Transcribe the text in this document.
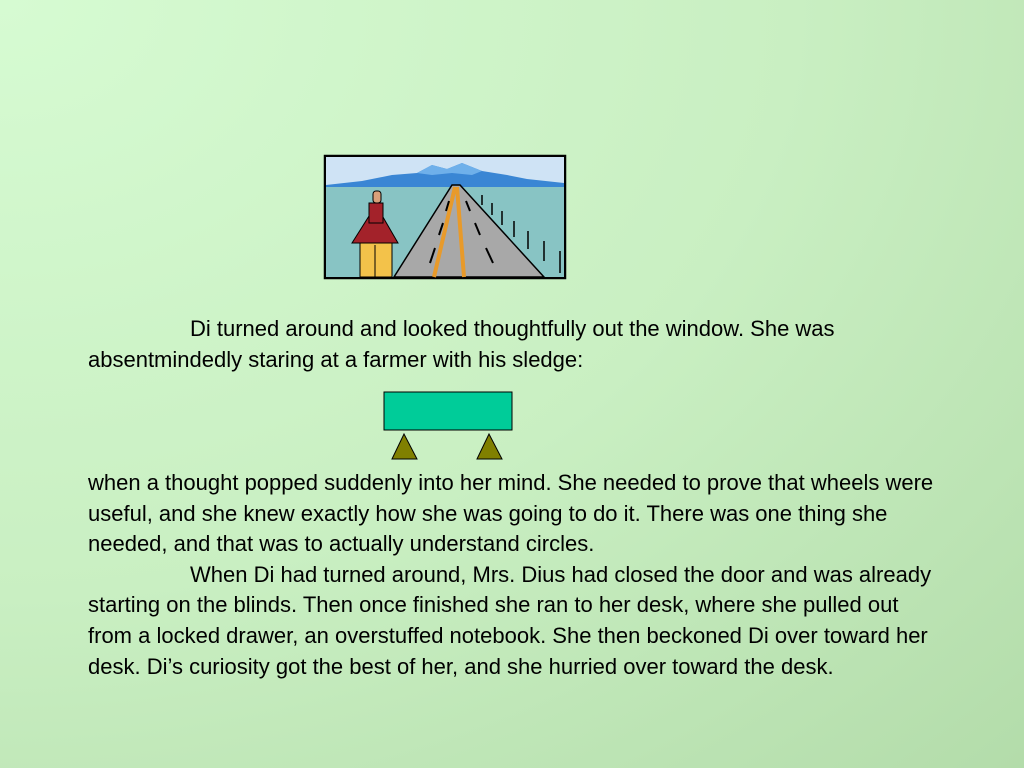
Di turned around and looked thoughtfully out the window. She was absentmindedly staring at a farmer with his sledge:

when a thought popped suddenly into her mind. She needed to prove that wheels were useful, and she knew exactly how she was going to do it. There was one thing she needed, and that was to actually understand circles.
When Di had turned around, Mrs. Dius had closed the door and was already starting on the blinds. Then once finished she ran to her desk, where she pulled out from a locked drawer, an overstuffed notebook. She then beckoned Di over toward her desk. Di’s curiosity got the best of her, and she hurried over toward the desk.
